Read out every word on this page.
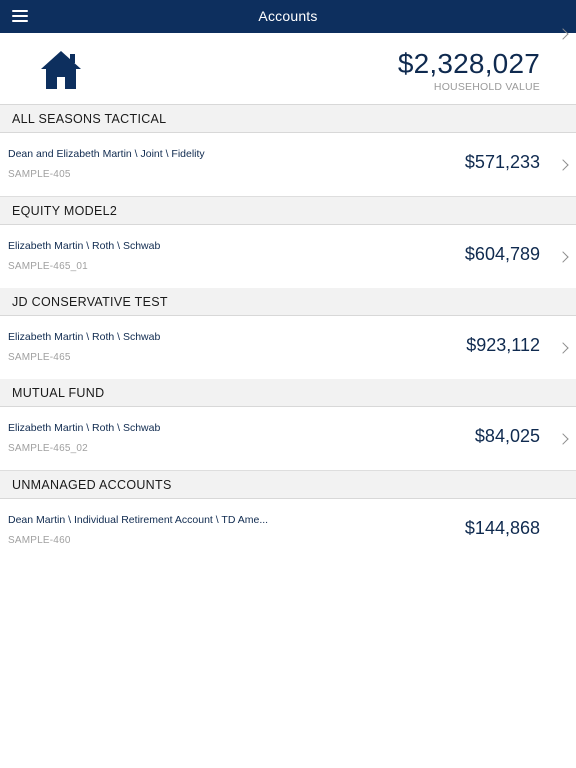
Accounts
$2,328,027
HOUSEHOLD VALUE
ALL SEASONS TACTICAL
Dean and Elizabeth Martin \ Joint \ Fidelity
SAMPLE-405
$571,233
EQUITY MODEL2
Elizabeth Martin \ Roth \ Schwab
SAMPLE-465_01
$604,789
JD CONSERVATIVE TEST
Elizabeth Martin \ Roth \ Schwab
SAMPLE-465
$923,112
MUTUAL FUND
Elizabeth Martin \ Roth \ Schwab
SAMPLE-465_02
$84,025
UNMANAGED ACCOUNTS
Dean Martin \ Individual Retirement Account \ TD Ame...
SAMPLE-460
$144,868
